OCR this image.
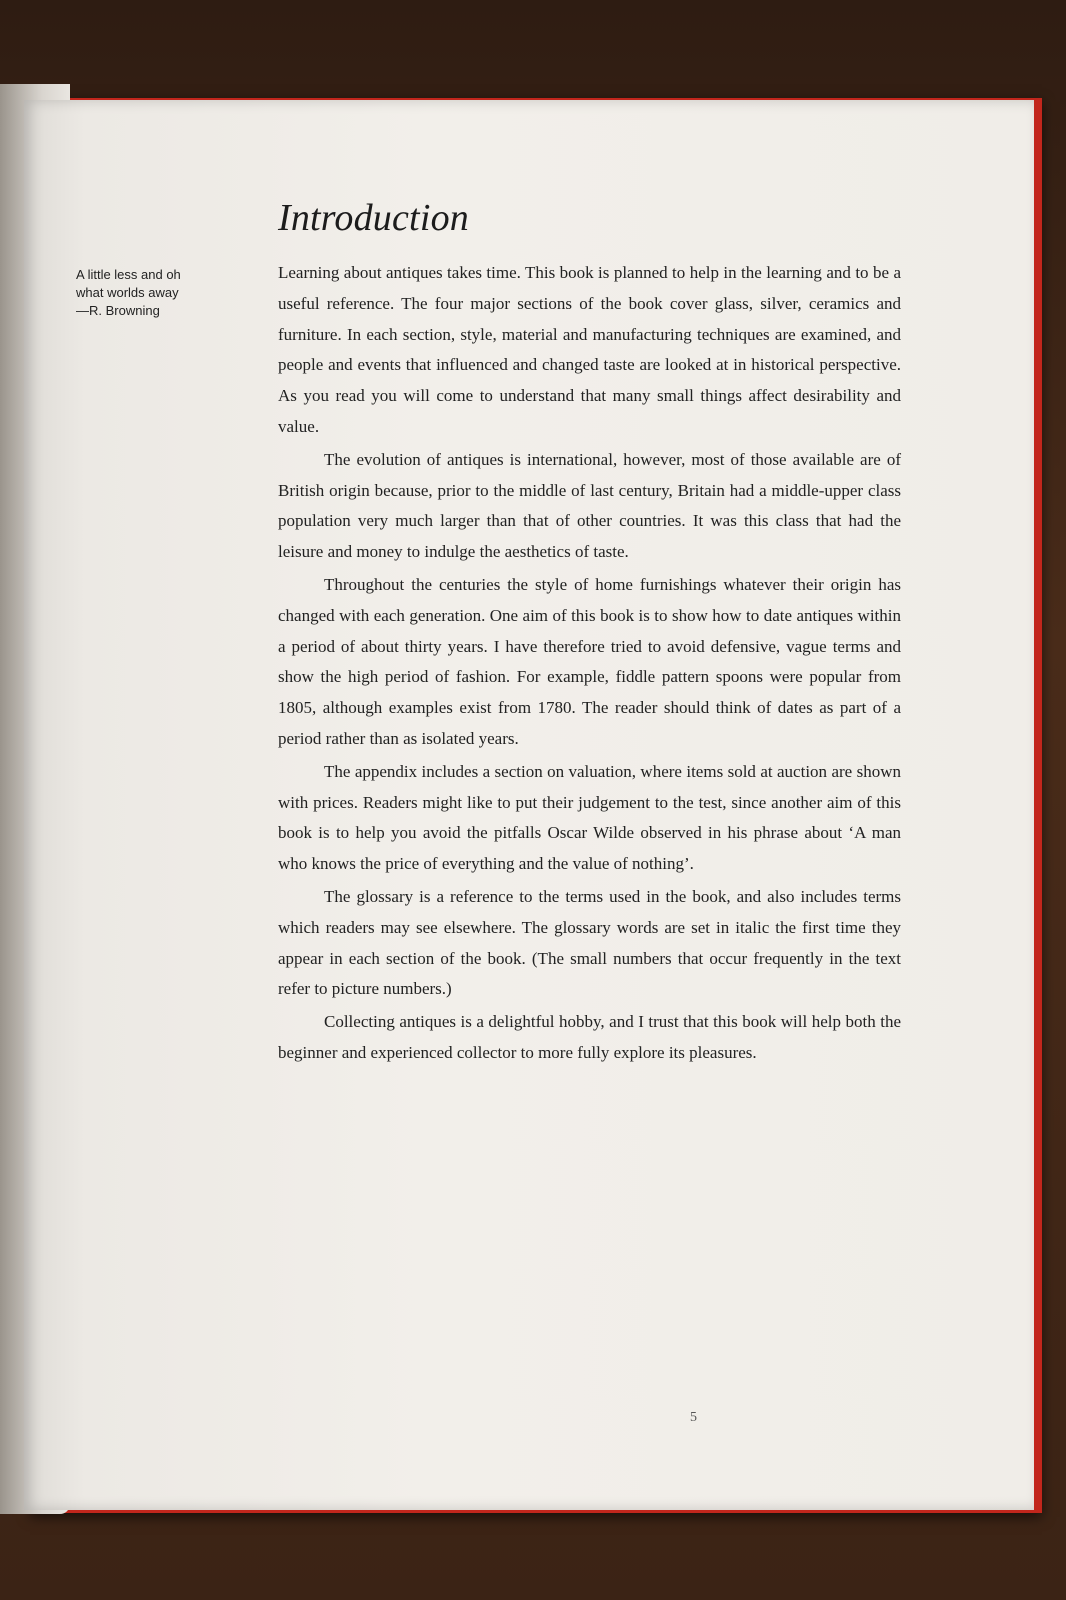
A little less and oh
what worlds away
—R. Browning
Introduction

Learning about antiques takes time. This book is planned to help in the learning and to be a useful reference. The four major sections of the book cover glass, silver, ceramics and furniture. In each section, style, material and manufacturing techniques are examined, and people and events that influenced and changed taste are looked at in historical perspective. As you read you will come to understand that many small things affect desirability and value.

The evolution of antiques is international, however, most of those available are of British origin because, prior to the middle of last century, Britain had a middle-upper class population very much larger than that of other countries. It was this class that had the leisure and money to indulge the aesthetics of taste.

Throughout the centuries the style of home furnishings whatever their origin has changed with each generation. One aim of this book is to show how to date antiques within a period of about thirty years. I have therefore tried to avoid defensive, vague terms and show the high period of fashion. For example, fiddle pattern spoons were popular from 1805, although examples exist from 1780. The reader should think of dates as part of a period rather than as isolated years.

The appendix includes a section on valuation, where items sold at auction are shown with prices. Readers might like to put their judgement to the test, since another aim of this book is to help you avoid the pitfalls Oscar Wilde observed in his phrase about ‘A man who knows the price of everything and the value of nothing’.

The glossary is a reference to the terms used in the book, and also includes terms which readers may see elsewhere. The glossary words are set in italic the first time they appear in each section of the book. (The small numbers that occur frequently in the text refer to picture numbers.)

Collecting antiques is a delightful hobby, and I trust that this book will help both the beginner and experienced collector to more fully explore its pleasures.

5
